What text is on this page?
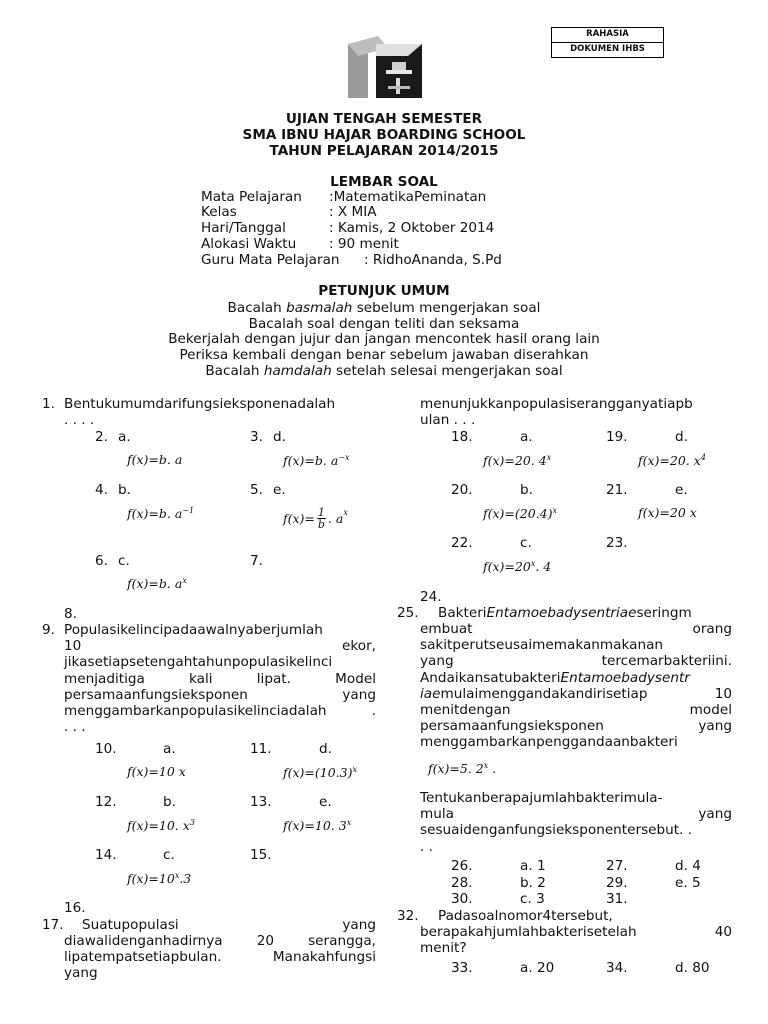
RAHASIA
DOKUMEN IHBS
UJIAN TENGAH SEMESTER
SMA IBNU HAJAR BOARDING SCHOOL
TAHUN PELAJARAN 2014/2015
LEMBAR SOAL
Mata Pelajaran :MatematikaPeminatan
Kelas	: X MIA
Hari/Tanggal	: Kamis, 2 Oktober 2014
Alokasi Waktu : 90 menit
Guru Mata Pelajaran : RidhoAnanda, S.Pd
PETUNJUK UMUM
Bacalah basmalah sebelum mengerjakan soal
Bacalah soal dengan teliti dan seksama
Bekerjalah dengan jujur dan jangan mencontek hasil orang lain
Periksa kembali dengan benar sebelum jawaban diserahkan
Bacalah hamdalah setelah selesai mengerjakan soal
1. Bentukumumdarifungsieksponenadalah
. . . .
2. a.
f(x)=b. a
3. d.
f(x)=b. $a^{-x}$
4. b.
f(x)=b. $a^{-1}$
5. e.
$f(x)= \frac{1}{b}$ . $a^x$
6. c.
f(x)=b. $a^x$
7.
8.
9. Populasikelincipadaawalnyaberjumlah
10 ekor,
jikasetiapsetengahtahunpopulasikelinci
menjaditiga kali lipat. Model
persamaanfungsieksponen yang
menggambarkanpopulasikelinciadalah .
. . .
10.	a.
f(x)=10 x
11.	d.
$f(x)=(10.3)^x$
12.	b.
f(x)=10. $x^3$
13.	e.
f(x)=10. 3$^x$
14.	c.
$f(x)=10^x.3$
15.
16.
17. Suatupopulasi yang
diawalidenganhadirnya 20 serangga,
lipatempatsetiapbulan. Manakahfungsi
yang
menunjukkanpopulasiserangganyatiapb
ulan . . .
18.	a.
f(x)=20. 4$^x$
19.	d.
f(x)=20. $x^4$
20.	b.
$f(x)=(20.4)^x$
21.	e.
f(x)=20 x
22.	c.
$f(x)=20^x$. 4
23.
24.
25. BakteriEntamoebadysentriaeseringm
embuat orang
sakitperutseusaimemakanmakanan
yang tercemarbakteriini.
AndaikansatubakteriEntamoebadysentr
iaemulaimenggandakandirisetiap 10
menitdengan model
persamaanfungsieksponen yang
menggambarkanpenggandaanbakteri
f(x)=5. 2$^x$ .
Tentukanberapajumlahbakterimula-
mula yang
sesuaidenganfungsieksponentersebut. .
. .
26.	a. 1	27.	d. 4
28.	b. 2	29.	e. 5
30.	c. 3	31.
32. Padasoalnomor4tersebut,
berapakahjumlahbakterisetelah 40
menit?
33.	a. 20	34.	d. 80
